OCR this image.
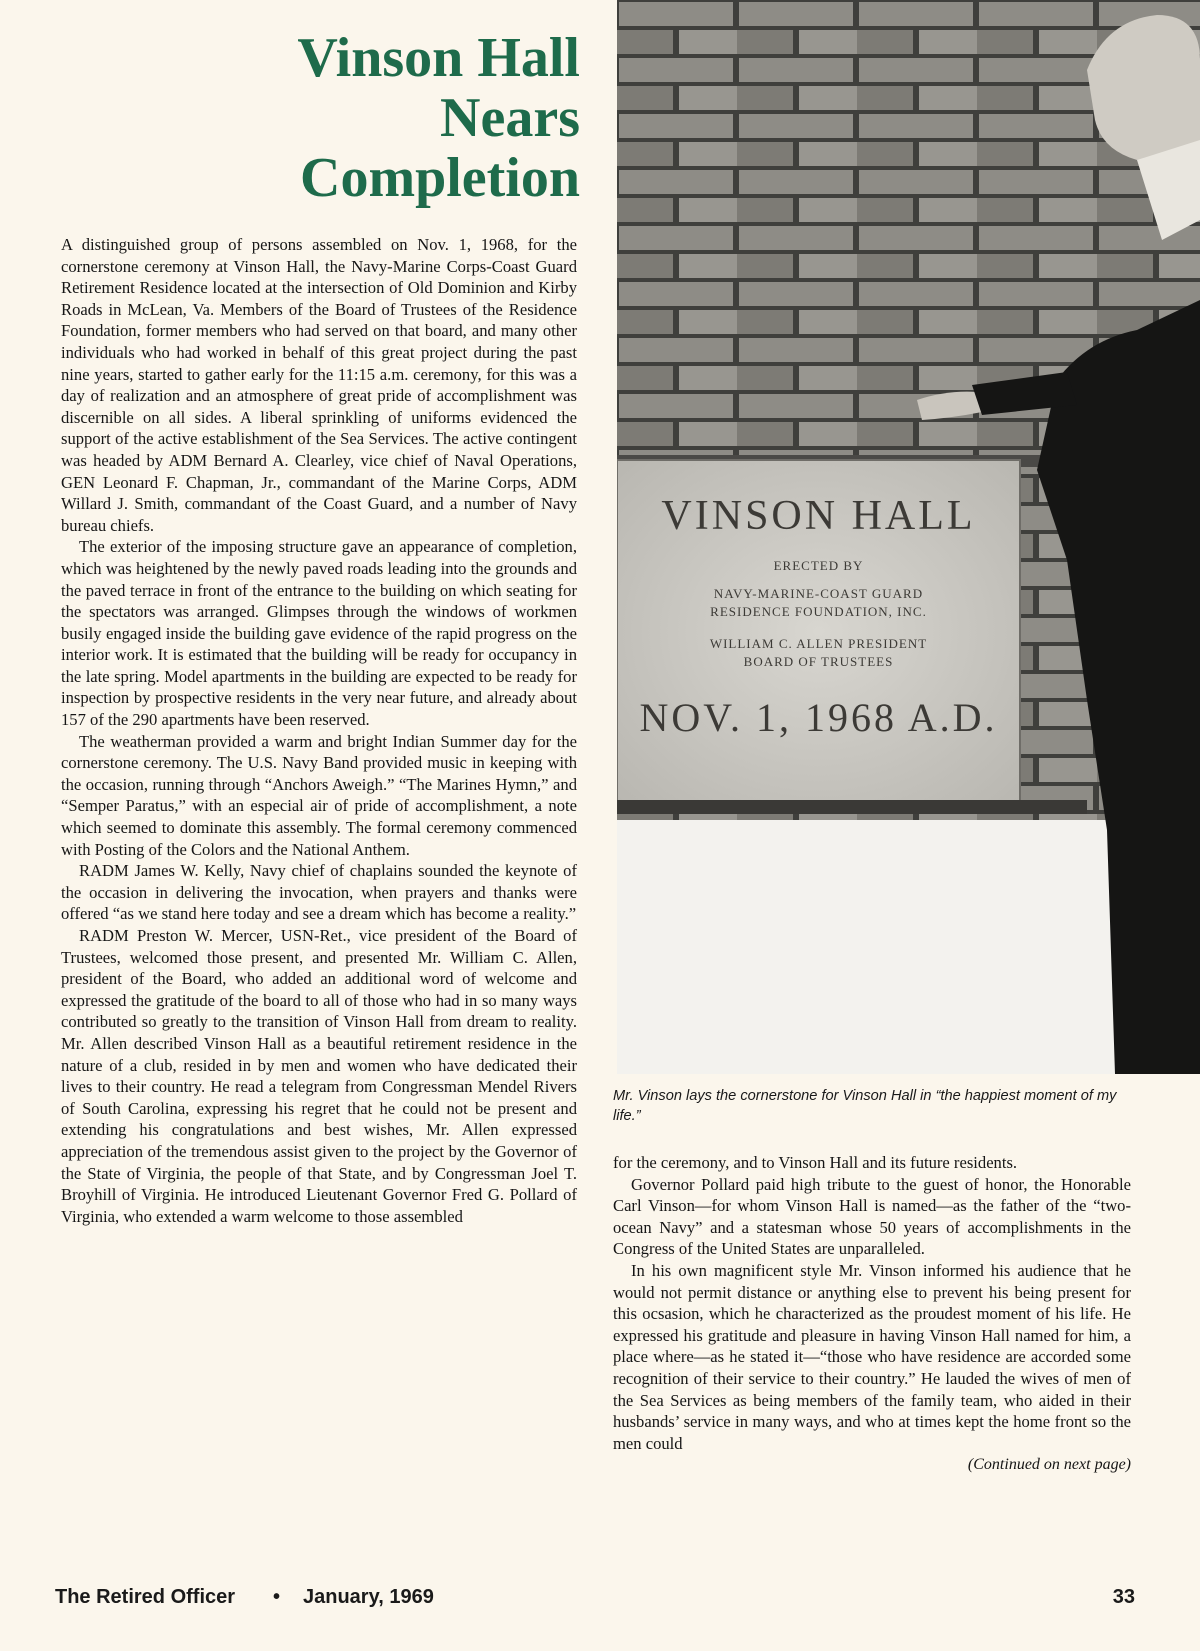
Vinson Hall
Nears
Completion

A distinguished group of persons assembled on Nov. 1, 1968, for the cornerstone ceremony at Vinson Hall, the Navy-Marine Corps-Coast Guard Retirement Residence located at the intersection of Old Dominion and Kirby Roads in McLean, Va. Members of the Board of Trustees of the Residence Foundation, former members who had served on that board, and many other individuals who had worked in behalf of this great project during the past nine years, started to gather early for the 11:15 a.m. ceremony, for this was a day of realization and an atmosphere of great pride of accomplishment was discernible on all sides. A liberal sprinkling of uniforms evidenced the support of the active establishment of the Sea Services. The active contingent was headed by ADM Bernard A. Clearley, vice chief of Naval Operations, GEN Leonard F. Chapman, Jr., commandant of the Marine Corps, ADM Willard J. Smith, commandant of the Coast Guard, and a number of Navy bureau chiefs.

The exterior of the imposing structure gave an appearance of completion, which was heightened by the newly paved roads leading into the grounds and the paved terrace in front of the entrance to the building on which seating for the spectators was arranged. Glimpses through the windows of workmen busily engaged inside the building gave evidence of the rapid progress on the interior work. It is estimated that the building will be ready for occupancy in the late spring. Model apartments in the building are expected to be ready for inspection by prospective residents in the very near future, and already about 157 of the 290 apartments have been reserved.

The weatherman provided a warm and bright Indian Summer day for the cornerstone ceremony. The U.S. Navy Band provided music in keeping with the occasion, running through “Anchors Aweigh.” “The Marines Hymn,” and “Semper Paratus,” with an especial air of pride of accomplishment, a note which seemed to dominate this assembly. The formal ceremony commenced with Posting of the Colors and the National Anthem.

RADM James W. Kelly, Navy chief of chaplains sounded the keynote of the occasion in delivering the invocation, when prayers and thanks were offered “as we stand here today and see a dream which has become a reality.”

RADM Preston W. Mercer, USN-Ret., vice president of the Board of Trustees, welcomed those present, and presented Mr. William C. Allen, president of the Board, who added an additional word of welcome and expressed the gratitude of the board to all of those who had in so many ways contributed so greatly to the transition of Vinson Hall from dream to reality. Mr. Allen described Vinson Hall as a beautiful retirement residence in the nature of a club, resided in by men and women who have dedicated their lives to their country. He read a telegram from Congressman Mendel Rivers of South Carolina, expressing his regret that he could not be present and extending his congratulations and best wishes, Mr. Allen expressed appreciation of the tremendous assist given to the project by the Governor of the State of Virginia, the people of that State, and by Congressman Joel T. Broyhill of Virginia. He introduced Lieutenant Governor Fred G. Pollard of Virginia, who extended a warm welcome to those assembled

VINSON HALL
ERECTED BY
NAVY-MARINE-COAST GUARD
RESIDENCE FOUNDATION, INC.
WILLIAM C. ALLEN PRESIDENT
BOARD OF TRUSTEES
NOV. 1, 1968 A.D.
Mr. Vinson lays the cornerstone for Vinson Hall in “the happiest moment of my life.”

for the ceremony, and to Vinson Hall and its future residents.

Governor Pollard paid high tribute to the guest of honor, the Honorable Carl Vinson—for whom Vinson Hall is named—as the father of the “two-ocean Navy” and a statesman whose 50 years of accomplishments in the Congress of the United States are unparalleled.

In his own magnificent style Mr. Vinson informed his audience that he would not permit distance or anything else to prevent his being present for this ocsasion, which he characterized as the proudest moment of his life. He expressed his gratitude and pleasure in having Vinson Hall named for him, a place where—as he stated it—“those who have residence are accorded some recognition of their service to their country.” He lauded the wives of men of the Sea Services as being members of the family team, who aided in their husbands’ service in many ways, and who at times kept the home front so the men could

(Continued on next page)
The Retired Officer • January, 1969	33
